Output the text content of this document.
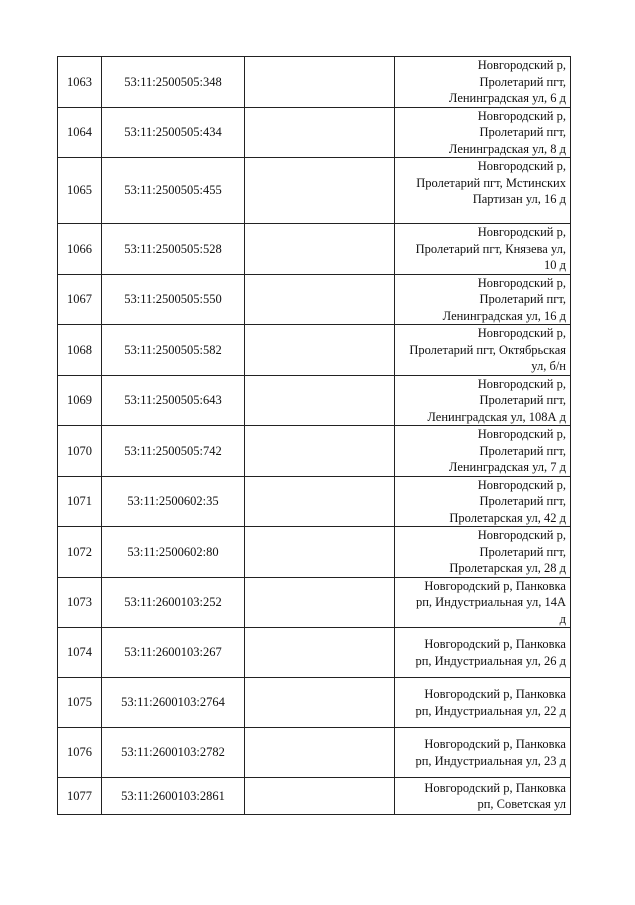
1063	53:11:2500505:348		Новгородский р,
Пролетарий пгт,
Ленинградская ул, 6 д

1064	53:11:2500505:434		Новгородский р,
Пролетарий пгт,
Ленинградская ул, 8 д

1065	53:11:2500505:455		Новгородский р,
Пролетарий пгт, Мстинских
Партизан ул, 16 д

1066	53:11:2500505:528		Новгородский р,
Пролетарий пгт, Князева ул,
10 д

1067	53:11:2500505:550		Новгородский р,
Пролетарий пгт,
Ленинградская ул, 16 д

1068	53:11:2500505:582		Новгородский р,
Пролетарий пгт, Октябрьская
ул, б/н

1069	53:11:2500505:643		Новгородский р,
Пролетарий пгт,
Ленинградская ул, 108А д

1070	53:11:2500505:742		Новгородский р,
Пролетарий пгт,
Ленинградская ул, 7 д

1071	53:11:2500602:35		Новгородский р,
Пролетарий пгт,
Пролетарская ул, 42 д

1072	53:11:2500602:80		Новгородский р,
Пролетарий пгт,
Пролетарская ул, 28 д

1073	53:11:2600103:252		Новгородский р, Панковка
рп, Индустриальная ул, 14А
д

1074	53:11:2600103:267		Новгородский р, Панковка
рп, Индустриальная ул, 26 д

1075	53:11:2600103:2764		Новгородский р, Панковка
рп, Индустриальная ул, 22 д

1076	53:11:2600103:2782		Новгородский р, Панковка
рп, Индустриальная ул, 23 д

1077	53:11:2600103:2861		Новгородский р, Панковка
рп, Советская ул
